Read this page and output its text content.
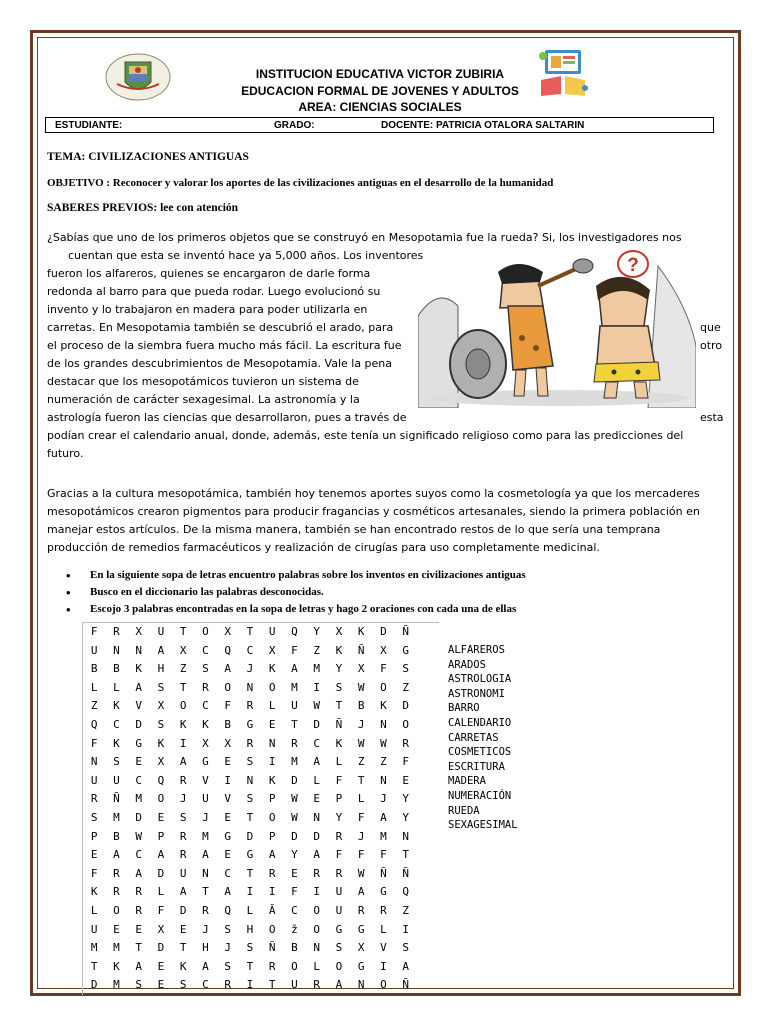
INSTITUCION EDUCATIVA VICTOR ZUBIRIA
EDUCACION FORMAL DE JOVENES Y ADULTOS
AREA: CIENCIAS SOCIALES
ESTUDIANTE:	GRADO:	DOCENTE: PATRICIA OTALORA SALTARIN
TEMA: CIVILIZACIONES ANTIGUAS
OBJETIVO : Reconocer y valorar los aportes de las civilizaciones antiguas en el desarrollo de la humanidad
SABERES PREVIOS: lee con atención
¿Sabías que uno de los primeros objetos que se construyó en Mesopotamia fue la rueda? Si, los investigadores nos
cuentan que esta se inventó hace ya 5,000 años. Los inventores
fueron los alfareros, quienes se encargaron de darle forma
redonda al barro para que pueda rodar. Luego evolucionó su
invento y lo trabajaron en madera para poder utilizarla en
carretas. En Mesopotamia también se descubrió el arado, para
el proceso de la siembra fuera mucho más fácil. La escritura fue
de los grandes descubrimientos de Mesopotamia. Vale la pena
destacar que los mesopotámicos tuvieron un sistema de
numeración de carácter sexagesimal. La astronomía y la
astrología fueron las ciencias que desarrollaron, pues a través de
que
otro
esta
podían crear el calendario anual, donde, además, este tenía un significado religioso como para las predicciones del
futuro.
?
Gracias a la cultura mesopotámica, también hoy tenemos aportes suyos como la cosmetología ya que los mercaderes
mesopotámicos crearon pigmentos para producir fragancias y cosméticos artesanales, siendo la primera población en
manejar estos artículos. De la misma manera, también se han encontrado restos de lo que sería una temprana
producción de remedios farmacéuticos y realización de cirugías para uso completamente medicinal.
• En la siguiente sopa de letras encuentro palabras sobre los inventos en civilizaciones antiguas
• Busco en el diccionario las palabras desconocidas.
• Escojo 3 palabras encontradas en la sopa de letras y hago 2 oraciones con cada una de ellas
F	R	X	U	T	O	X	T	U	Q	Y	X	K	D	Ñ
U	N	N	A	X	C	Q	C	X	F	Z	K	Ñ	X	G
B	B	K	H	Z	S	A	J	K	A	M	Y	X	F	S
L	L	A	S	T	R	O	N	O	M	I	S	W	O	Z
Z	K	V	X	O	C	F	R	L	U	W	T	B	K	D
Q	C	D	S	K	K	B	G	E	T	D	Ñ	J	N	O
F	K	G	K	I	X	X	R	N	R	C	K	W	W	R
N	S	E	X	A	G	E	S	I	M	A	L	Z	Z	F
U	U	C	Q	R	V	I	N	K	D	L	F	T	N	E
R	Ñ	M	O	J	U	V	S	P	W	E	P	L	J	Y
S	M	D	E	S	J	E	T	O	W	N	Y	F	A	Y
P	B	W	P	R	M	G	D	P	D	D	R	J	M	N
E	A	C	A	R	A	E	G	A	Y	A	F	F	F	T
F	R	A	D	U	N	C	T	R	E	R	R	W	Ñ	Ñ
K	R	R	L	A	T	A	I	I	F	I	U	A	G	Q
L	O	R	F	D	R	Q	L	Ă	C	O	U	R	R	Z
U	E	E	X	E	J	S	H	O	ž	O	G	G	L	I
M	M	T	D	T	H	J	S	Ñ	B	N	S	X	V	S
T	K	A	E	K	A	S	T	R	O	L	O	G	I	A
D	M	S	E	S	C	R	I	T	U	R	A	N	O	Ñ
ALFAREROS
ARADOS
ASTROLOGIA
ASTRONOMI
BARRO
CALENDARIO
CARRETAS
COSMETICOS
ESCRITURA
MADERA
NUMERACIÓN
RUEDA
SEXAGESIMAL
